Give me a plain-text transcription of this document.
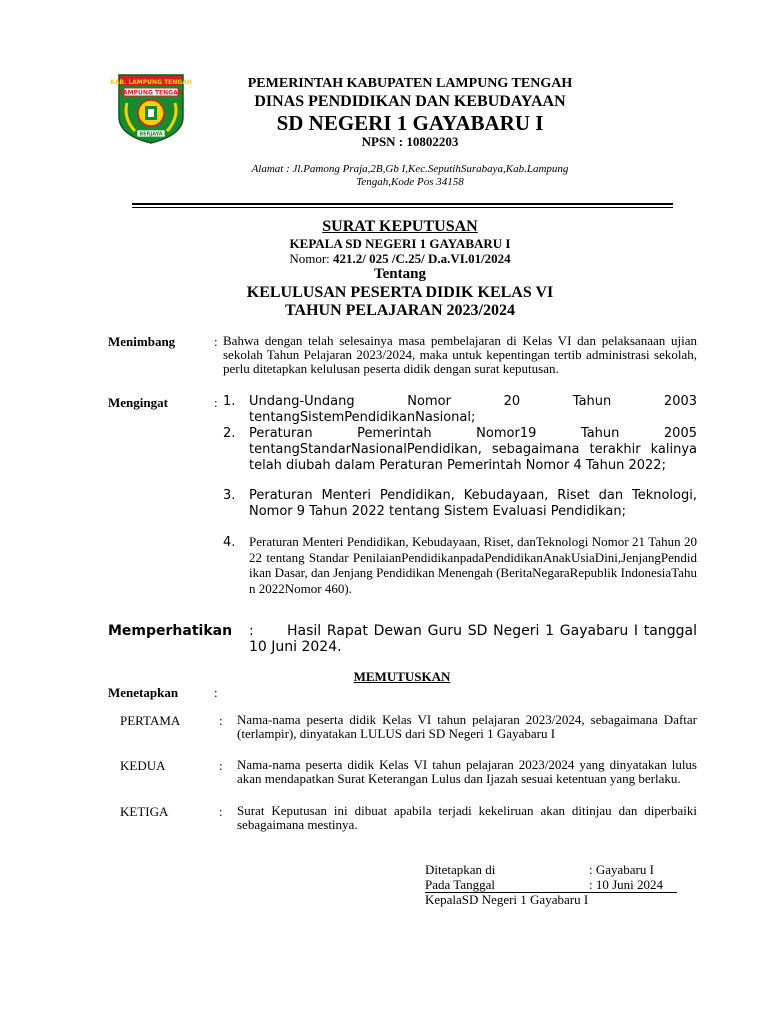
KAB. LAMPUNG TENGAH
LAMPUNG TENGAH
BERJAYA
PEMERINTAH KABUPATEN LAMPUNG TENGAH
DINAS PENDIDIKAN DAN KEBUDAYAAN
SD NEGERI 1 GAYABARU I
NPSN : 10802203
Alamat : Jl.Pamong Praja,2B,Gb I,Kec.SeputihSurabaya,Kab.Lampung
Tengah,Kode Pos 34158
SURAT KEPUTUSAN
KEPALA SD NEGERI 1 GAYABARU I
Nomor: 421.2/ 025 /C.25/ D.a.VI.01/2024
Tentang
KELULUSAN PESERTA DIDIK KELAS VI
TAHUN PELAJARAN 2023/2024
Menimbang	: Bahwa dengan telah selesainya masa pembelajaran di Kelas VI dan pelaksanaan ujian sekolah Tahun Pelajaran 2023/2024, maka untuk kepentingan tertib administrasi sekolah, perlu ditetapkan kelulusan peserta didik dengan surat keputusan.
Mengingat	: 1. Undang-Undang	Nomor	20	Tahun	2003
tentangSistemPendidikanNasional;
2. Peraturan Pemerintah Nomor19 Tahun 2005 tentangStandarNasionalPendidikan, sebagaimana terakhir kalinya telah diubah dalam Peraturan Pemerintah Nomor 4 Tahun 2022;
3. Peraturan Menteri Pendidikan, Kebudayaan, Riset dan Teknologi, Nomor 9 Tahun 2022 tentang Sistem Evaluasi Pendidikan;
4. Peraturan Menteri Pendidikan, Kebudayaan, Riset, danTeknologi Nomor 21 Tahun 2022 tentang Standar PenilaianPendidikanpadaPendidikanAnakUsiaDini,JenjangPendidikan Dasar, dan Jenjang Pendidikan Menengah (BeritaNegaraRepublik IndonesiaTahun 2022Nomor 460).
Memperhatikan :	Hasil Rapat Dewan Guru SD Negeri 1 Gayabaru I tanggal 10 Juni 2024.
MEMUTUSKAN
Menetapkan	:
PERTAMA	: Nama-nama peserta didik Kelas VI tahun pelajaran 2023/2024, sebagaimana Daftar (terlampir), dinyatakan LULUS dari SD Negeri 1 Gayabaru I
KEDUA	: Nama-nama peserta didik Kelas VI tahun pelajaran 2023/2024 yang dinyatakan lulus akan mendapatkan Surat Keterangan Lulus dan Ijazah sesuai ketentuan yang berlaku.
KETIGA	: Surat Keputusan ini dibuat apabila terjadi kekeliruan akan ditinjau dan diperbaiki sebagaimana mestinya.
Ditetapkan di	: Gayabaru I
Pada Tanggal	: 10 Juni 2024
KepalaSD Negeri 1 Gayabaru I
